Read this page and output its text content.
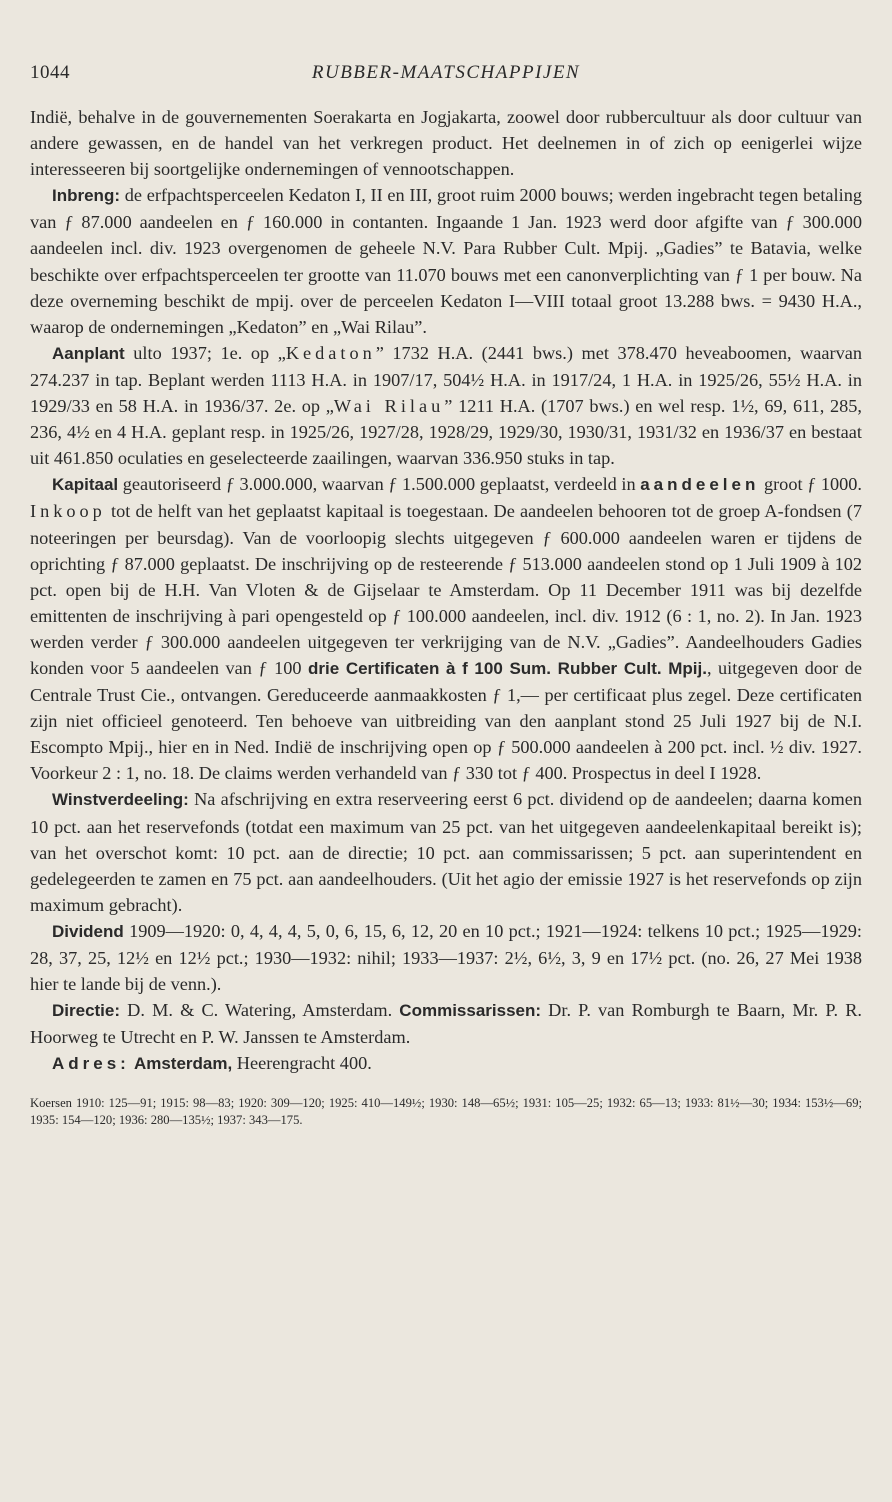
1044	RUBBER-MAATSCHAPPIJEN

Indië, behalve in de gouvernementen Soerakarta en Jogjakarta, zoowel door rubbercultuur als door cultuur van andere gewassen, en de handel van het verkregen product. Het deelnemen in of zich op eenigerlei wijze interesseeren bij soortgelijke ondernemingen of vennootschappen.

Inbreng: de erfpachtsperceelen Kedaton I, II en III, groot ruim 2000 bouws; werden ingebracht tegen betaling van ƒ 87.000 aandeelen en ƒ 160.000 in contanten. Ingaande 1 Jan. 1923 werd door afgifte van ƒ 300.000 aandeelen incl. div. 1923 overgenomen de geheele N.V. Para Rubber Cult. Mpij. „Gadies” te Batavia, welke beschikte over erfpachtsperceelen ter grootte van 11.070 bouws met een canonverplichting van ƒ 1 per bouw. Na deze overneming beschikt de mpij. over de perceelen Kedaton I—VIII totaal groot 13.288 bws. = 9430 H.A., waarop de ondernemingen „Kedaton” en „Wai Rilau”.

Aanplant ulto 1937; 1e. op „Kedaton” 1732 H.A. (2441 bws.) met 378.470 heveaboomen, waarvan 274.237 in tap. Beplant werden 1113 H.A. in 1907/17, 504½ H.A. in 1917/24, 1 H.A. in 1925/26, 55½ H.A. in 1929/33 en 58 H.A. in 1936/37. 2e. op „Wai Rilau” 1211 H.A. (1707 bws.) en wel resp. 1½, 69, 611, 285, 236, 4½ en 4 H.A. geplant resp. in 1925/26, 1927/28, 1928/29, 1929/30, 1930/31, 1931/32 en 1936/37 en bestaat uit 461.850 oculaties en geselecteerde zaailingen, waarvan 336.950 stuks in tap.

Kapitaal geautoriseerd ƒ 3.000.000, waarvan ƒ 1.500.000 geplaatst, verdeeld in aandeelen groot ƒ 1000. Inkoop tot de helft van het geplaatst kapitaal is toegestaan. De aandeelen behooren tot de groep A-fondsen (7 noteeringen per beursdag). Van de voorloopig slechts uitgegeven ƒ 600.000 aandeelen waren er tijdens de oprichting ƒ 87.000 geplaatst. De inschrijving op de resteerende ƒ 513.000 aandeelen stond op 1 Juli 1909 à 102 pct. open bij de H.H. Van Vloten & de Gijselaar te Amsterdam. Op 11 December 1911 was bij dezelfde emittenten de inschrijving à pari opengesteld op ƒ 100.000 aandeelen, incl. div. 1912 (6 : 1, no. 2). In Jan. 1923 werden verder ƒ 300.000 aandeelen uitgegeven ter verkrijging van de N.V. „Gadies”. Aandeelhouders Gadies konden voor 5 aandeelen van ƒ 100 drie Certificaten à f 100 Sum. Rubber Cult. Mpij., uitgegeven door de Centrale Trust Cie., ontvangen. Gereduceerde aanmaakkosten ƒ 1,— per certificaat plus zegel. Deze certificaten zijn niet officieel genoteerd. Ten behoeve van uitbreiding van den aanplant stond 25 Juli 1927 bij de N.I. Escompto Mpij., hier en in Ned. Indië de inschrijving open op ƒ 500.000 aandeelen à 200 pct. incl. ½ div. 1927. Voorkeur 2 : 1, no. 18. De claims werden verhandeld van ƒ 330 tot ƒ 400. Prospectus in deel I 1928.

Winstverdeeling: Na afschrijving en extra reserveering eerst 6 pct. dividend op de aandeelen; daarna komen 10 pct. aan het reservefonds (totdat een maximum van 25 pct. van het uitgegeven aandeelenkapitaal bereikt is); van het overschot komt: 10 pct. aan de directie; 10 pct. aan commissarissen; 5 pct. aan superintendent en gedelegeerden te zamen en 75 pct. aan aandeelhouders. (Uit het agio der emissie 1927 is het reservefonds op zijn maximum gebracht).

Dividend 1909—1920: 0, 4, 4, 4, 5, 0, 6, 15, 6, 12, 20 en 10 pct.; 1921—1924: telkens 10 pct.; 1925—1929: 28, 37, 25, 12½ en 12½ pct.; 1930—1932: nihil; 1933—1937: 2½, 6½, 3, 9 en 17½ pct. (no. 26, 27 Mei 1938 hier te lande bij de venn.).

Directie: D. M. & C. Watering, Amsterdam. Commissarissen: Dr. P. van Romburgh te Baarn, Mr. P. R. Hoorweg te Utrecht en P. W. Janssen te Amsterdam.

Adres: Amsterdam, Heerengracht 400.

Koersen 1910: 125—91; 1915: 98—83; 1920: 309—120; 1925: 410—149½; 1930: 148—65½; 1931: 105—25; 1932: 65—13; 1933: 81½—30; 1934: 153½—69; 1935: 154—120; 1936: 280—135½; 1937: 343—175.
